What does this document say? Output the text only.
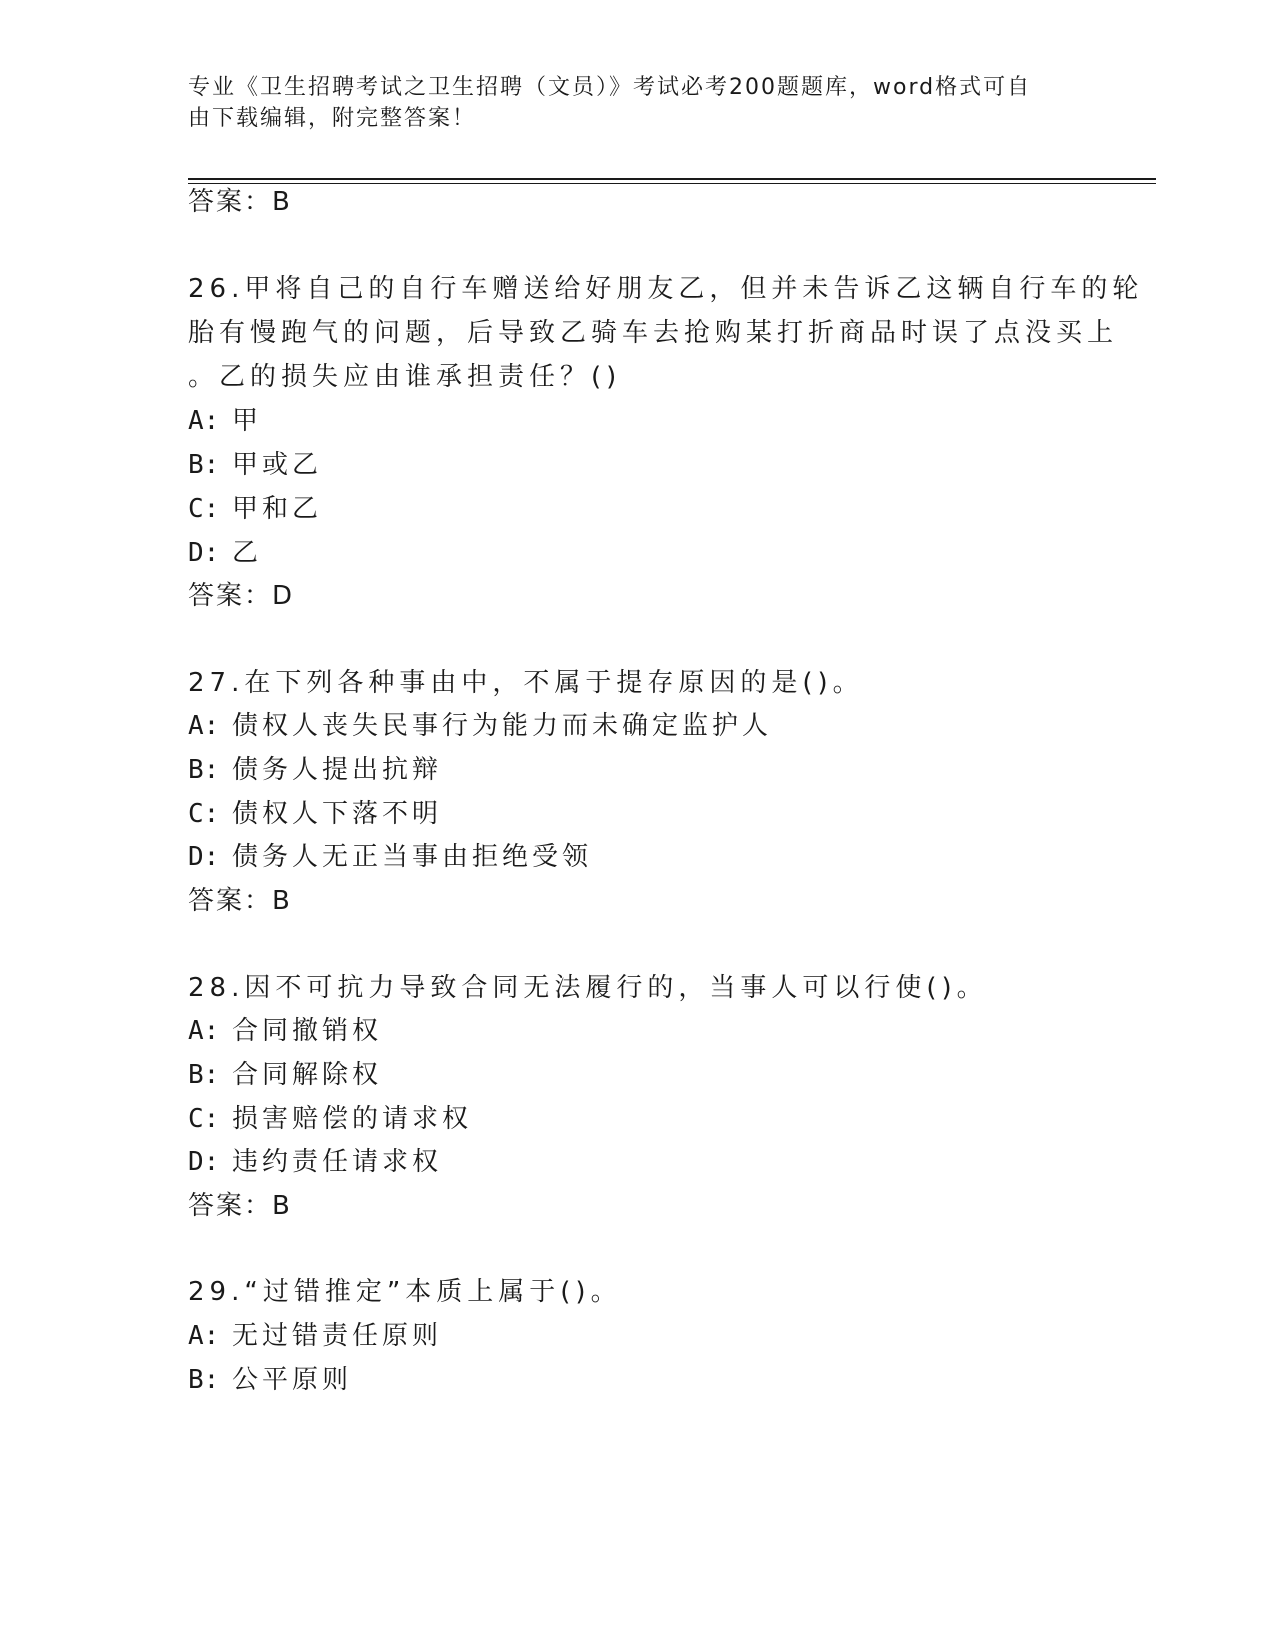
专业《卫生招聘考试之卫生招聘（文员）》考试必考200题题库，word格式可自
由下载编辑，附完整答案！
答案：B
26.甲将自己的自行车赠送给好朋友乙，但并未告诉乙这辆自行车的轮
胎有慢跑气的问题，后导致乙骑车去抢购某打折商品时误了点没买上
。乙的损失应由谁承担责任？()
A: 甲
B: 甲或乙
C: 甲和乙
D: 乙
答案：D
27.在下列各种事由中，不属于提存原因的是()。
A: 债权人丧失民事行为能力而未确定监护人
B: 债务人提出抗辩
C: 债权人下落不明
D: 债务人无正当事由拒绝受领
答案：B
28.因不可抗力导致合同无法履行的，当事人可以行使()。
A: 合同撤销权
B: 合同解除权
C: 损害赔偿的请求权
D: 违约责任请求权
答案：B
29.“过错推定”本质上属于()。
A: 无过错责任原则
B: 公平原则
